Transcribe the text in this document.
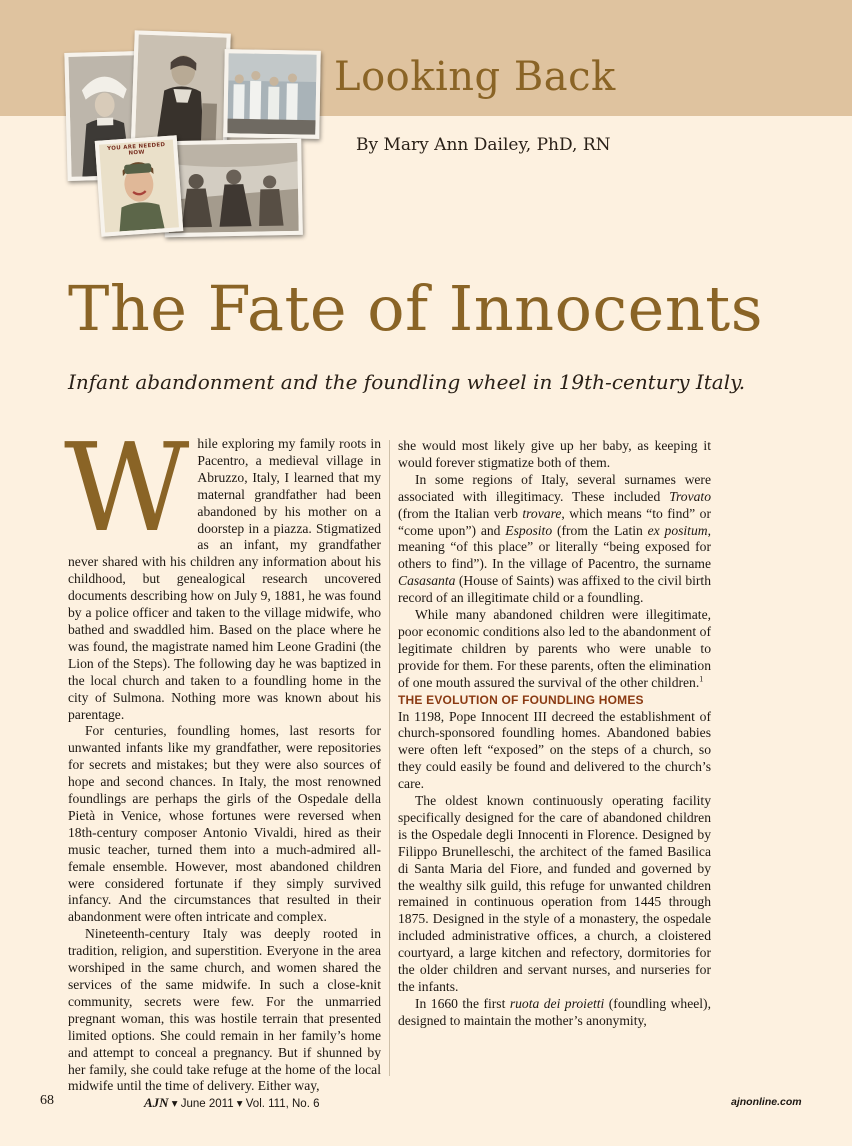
YOU ARE NEEDED NOW
Looking Back
By Mary Ann Dailey, PhD, RN
The Fate of Innocents
Infant abandonment and the foundling wheel in 19th-century Italy.

While exploring my family roots in Pacentro, a medieval village in Abruzzo, Italy, I learned that my maternal grandfather had been abandoned by his mother on a doorstep in a piazza. Stigmatized as an infant, my grandfather never shared with his children any information about his childhood, but genealogical research uncovered documents describing how on July 9, 1881, he was found by a police officer and taken to the village midwife, who bathed and swaddled him. Based on the place where he was found, the magistrate named him Leone Gradini (the Lion of the Steps). The following day he was baptized in the local church and taken to a foundling home in the city of Sulmona. Nothing more was known about his parentage.

For centuries, foundling homes, last resorts for unwanted infants like my grandfather, were repositories for secrets and mistakes; but they were also sources of hope and second chances. In Italy, the most renowned foundlings are perhaps the girls of the Ospedale della Pietà in Venice, whose fortunes were reversed when 18th-century composer Antonio Vivaldi, hired as their music teacher, turned them into a much-admired all-female ensemble. However, most abandoned children were considered fortunate if they simply survived infancy. And the circumstances that resulted in their abandonment were often intricate and complex.

Nineteenth-century Italy was deeply rooted in tradition, religion, and superstition. Everyone in the area worshiped in the same church, and women shared the services of the same midwife. In such a close-knit community, secrets were few. For the unmarried pregnant woman, this was hostile terrain that presented limited options. She could remain in her family’s home and attempt to conceal a pregnancy. But if shunned by her family, she could take refuge at the home of the local midwife until the time of delivery. Either way,

she would most likely give up her baby, as keeping it would forever stigmatize both of them.

In some regions of Italy, several surnames were associated with illegitimacy. These included Trovato (from the Italian verb trovare, which means “to find” or “come upon”) and Esposito (from the Latin ex positum, meaning “of this place” or literally “being exposed for others to find”). In the village of Pacentro, the surname Casasanta (House of Saints) was affixed to the civil birth record of an illegitimate child or a foundling.

While many abandoned children were illegitimate, poor economic conditions also led to the abandonment of legitimate children by parents who were unable to provide for them. For these parents, often the elimination of one mouth assured the survival of the other children.$^1$

THE EVOLUTION OF FOUNDLING HOMES

In 1198, Pope Innocent III decreed the establishment of church-sponsored foundling homes. Abandoned babies were often left “exposed” on the steps of a church, so they could easily be found and delivered to the church’s care.

The oldest known continuously operating facility specifically designed for the care of abandoned children is the Ospedale degli Innocenti in Florence. Designed by Filippo Brunelleschi, the architect of the famed Basilica di Santa Maria del Fiore, and funded and governed by the wealthy silk guild, this refuge for unwanted children remained in continuous operation from 1445 through 1875. Designed in the style of a monastery, the ospedale included administrative offices, a church, a cloistered courtyard, a large kitchen and refectory, dormitories for the older children and servant nurses, and nurseries for the infants.

In 1660 the first ruota dei proietti (foundling wheel), designed to maintain the mother’s anonymity,

68	AJN ▾ June 2011 ▾ Vol. 111, No. 6	ajnonline.com
